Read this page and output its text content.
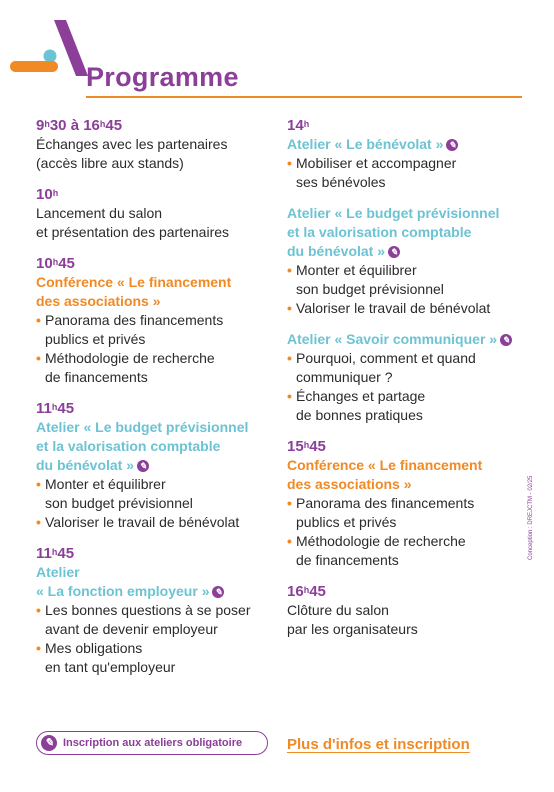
Programme
9$^h$30 à 16$^h$45
Échanges avec les partenaires
(accès libre aux stands)
10$^h$
Lancement du salon
et présentation des partenaires
10$^h$45
Conférence « Le financement
des associations »
• Panorama des financements
publics et privés
• Méthodologie de recherche
de financements
11$^h$45
Atelier « Le budget prévisionnel
et la valorisation comptable
du bénévolat » ✎
• Monter et équilibrer
son budget prévisionnel
• Valoriser le travail de bénévolat
11$^h$45
Atelier
« La fonction employeur » ✎
• Les bonnes questions à se poser
avant de devenir employeur
• Mes obligations
en tant qu'employeur
14$^h$
Atelier « Le bénévolat » ✎
• Mobiliser et accompagner
ses bénévoles
Atelier « Le budget prévisionnel
et la valorisation comptable
du bénévolat » ✎
• Monter et équilibrer
son budget prévisionnel
• Valoriser le travail de bénévolat
Atelier « Savoir communiquer » ✎
• Pourquoi, comment et quand
communiquer ?
• Échanges et partage
de bonnes pratiques
15$^h$45
Conférence « Le financement
des associations »
• Panorama des financements
publics et privés
• Méthodologie de recherche
de financements
16$^h$45
Clôture du salon
par les organisateurs
Conception : DREJCTM - 02/25
✎ Inscription aux ateliers obligatoire	Plus d'infos et inscription
